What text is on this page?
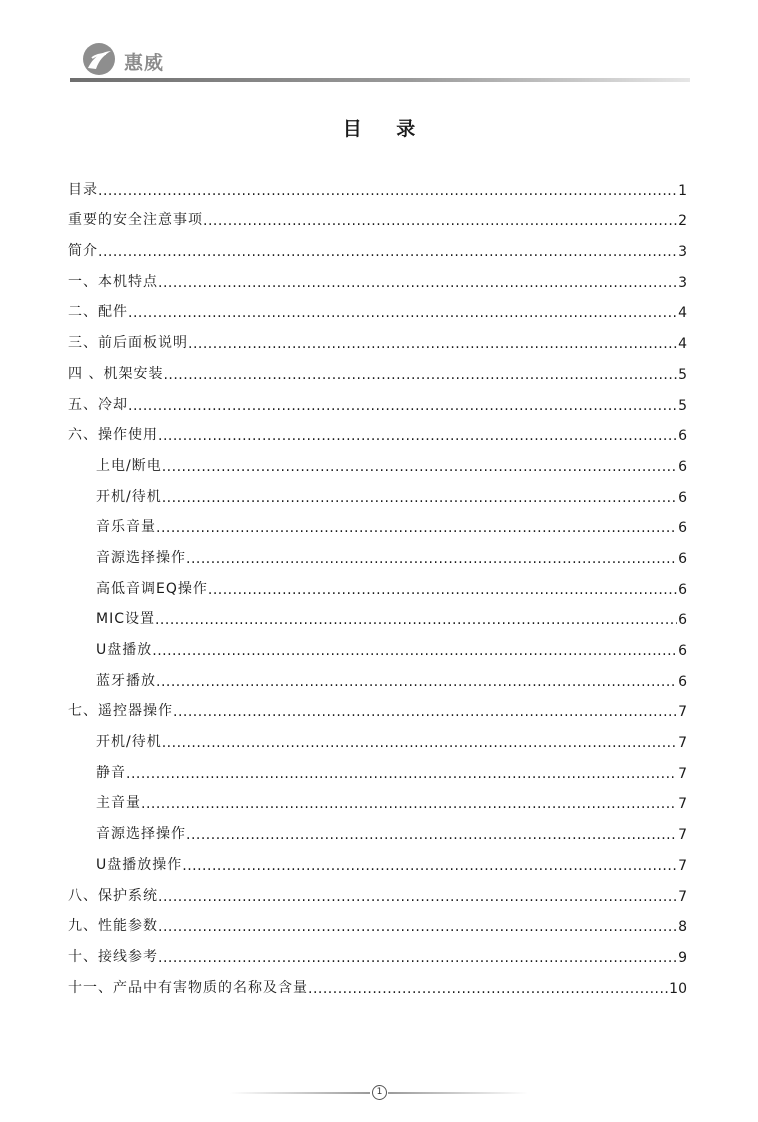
惠威
目 录
目录 .....	1
重要的安全注意事项 .....	2
简介 .....	3
一、本机特点 .....	3
二、配件 .....	4
三、前后面板说明 .....	4
四 、机架安装 .....	5
五、冷却 .....	5
六、操作使用 .....	6
上电/断电 .....	6
开机/待机 .....	6
音乐音量 .....	6
音源选择操作 .....	6
高低音调EQ操作 .....	6
MIC设置 .....	6
U盘播放 .....	6
蓝牙播放 .....	6
七、遥控器操作 .....	7
开机/待机 .....	7
静音 .....	7
主音量 .....	7
音源选择操作 .....	7
U盘播放操作 .....	7
八、保护系统 .....	7
九、性能参数 .....	8
十、接线参考 .....	9
十一、产品中有害物质的名称及含量 .....	10
1
